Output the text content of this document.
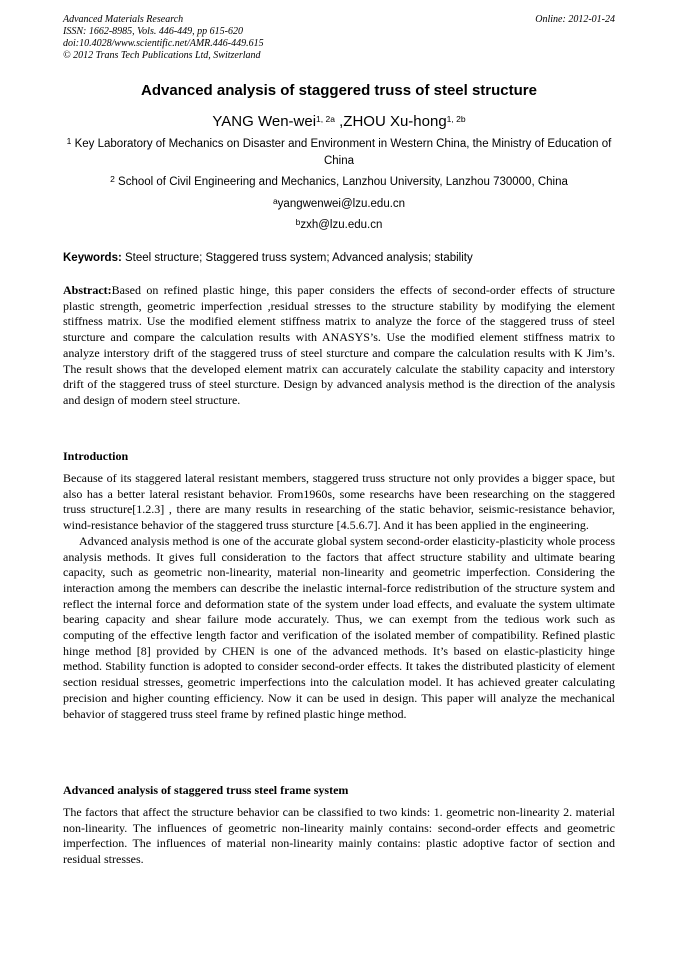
Advanced Materials Research
ISSN: 1662-8985, Vols. 446-449, pp 615-620
doi:10.4028/www.scientific.net/AMR.446-449.615
© 2012 Trans Tech Publications Ltd, Switzerland
Online: 2012-01-24
Advanced analysis of staggered truss of steel structure
YANG Wen-wei$^{1, 2a}$ ,ZHOU Xu-hong$^{1, 2b}$
$^1$ Key Laboratory of Mechanics on Disaster and Environment in Western China, the Ministry of Education of China
$^2$ School of Civil Engineering and Mechanics, Lanzhou University, Lanzhou 730000, China
$^a$yangwenwei@lzu.edu.cn
$^b$zxh@lzu.edu.cn
Keywords: Steel structure; Staggered truss system; Advanced analysis; stability

Abstract:Based on refined plastic hinge, this paper considers the effects of second-order effects of structure plastic strength, geometric imperfection ,residual stresses to the structure stability by modifying the element stiffness matrix. Use the modified element stiffness matrix to analyze the force of the staggered truss of steel sturcture and compare the calculation results with ANASYS’s. Use the modified element stiffness matrix to analyze interstory drift of the staggered truss of steel sturcture and compare the calculation results with K Jim’s. The result shows that the developed element matrix can accurately calculate the stability capacity and interstory drift of the staggered truss of steel sturcture. Design by advanced analysis method is the direction of the analysis and design of modern steel structure.

Introduction

Because of its staggered lateral resistant members, staggered truss structure not only provides a bigger space, but also has a better lateral resistant behavior. From1960s, some researchs have been researching on the staggered truss structure[1.2.3] , there are many results in researching of the static behavior, seismic-resistance behavior, wind-resistance behavior of the staggered truss sturcture [4.5.6.7]. And it has been applied in the engineering.

Advanced analysis method is one of the accurate global system second-order elasticity-plasticity whole process analysis methods. It gives full consideration to the factors that affect structure stability and ultimate bearing capacity, such as geometric non-linearity, material non-linearity and geometric imperfection. Considering the interaction among the members can describe the inelastic internal-force redistribution of the structure system and reflect the internal force and deformation state of the system under load effects, and evaluate the system ultimate bearing capacity and shear failure mode accurately. Thus, we can exempt from the tedious work such as computing of the effective length factor and verification of the isolated member of compatibility. Refined plastic hinge method [8] provided by CHEN is one of the advanced methods. It’s based on elastic-plasticity hinge method. Stability function is adopted to consider second-order effects. It takes the distributed plasticity of element section residual stresses, geometric imperfections into the calculation model. It has achieved greater calculating precision and higher counting efficiency. Now it can be used in design. This paper will analyze the mechanical behavior of staggered truss steel frame by refined plastic hinge method.

Advanced analysis of staggered truss steel frame system

The factors that affect the structure behavior can be classified to two kinds: 1. geometric non-linearity 2. material non-linearity. The influences of geometric non-linearity mainly contains: second-order effects and geometric imperfection. The influences of material non-linearity mainly contains: plastic adoptive factor of section and residual stresses.
